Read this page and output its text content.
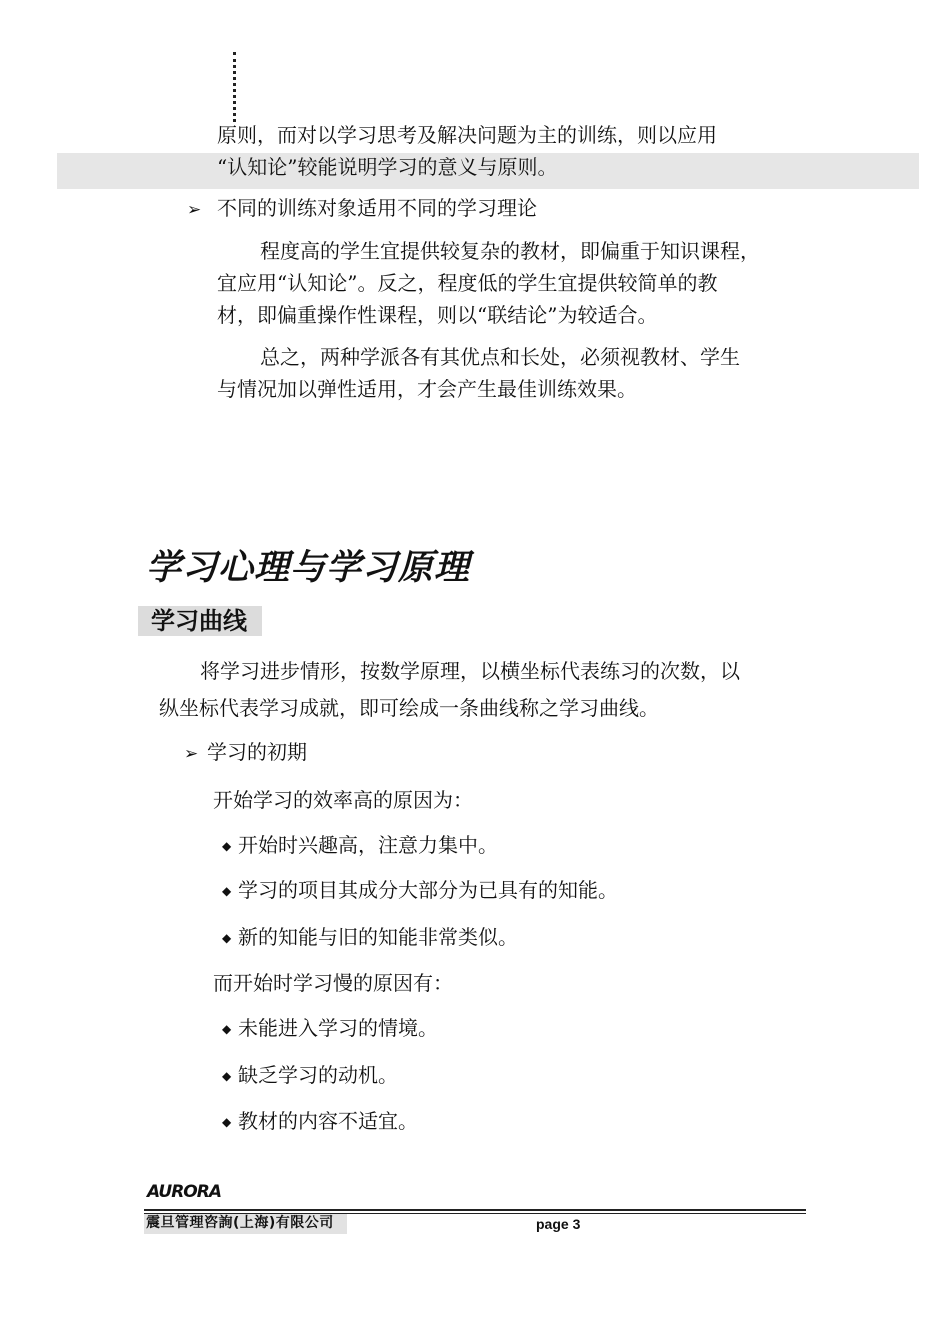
原则，而对以学习思考及解决问题为主的训练，则以应用
“认知论”较能说明学习的意义与原则。
➢ 不同的训练对象适用不同的学习理论
程度高的学生宜提供较复杂的教材，即偏重于知识课程，
宜应用“认知论”。反之，程度低的学生宜提供较简单的教
材，即偏重操作性课程，则以“联结论”为较适合。
总之，两种学派各有其优点和长处，必须视教材、学生
与情况加以弹性适用，才会产生最佳训练效果。
学习心理与学习原理
学习曲线
将学习进步情形，按数学原理，以横坐标代表练习的次数，以
纵坐标代表学习成就，即可绘成一条曲线称之学习曲线。
➢ 学习的初期
开始学习的效率高的原因为：
◆ 开始时兴趣高，注意力集中。
◆ 学习的项目其成分大部分为已具有的知能。
◆ 新的知能与旧的知能非常类似。
而开始时学习慢的原因有：
◆ 未能进入学习的情境。
◆ 缺乏学习的动机。
◆ 教材的内容不适宜。
AURORA
震旦管理咨詢(上海)有限公司	page 3
